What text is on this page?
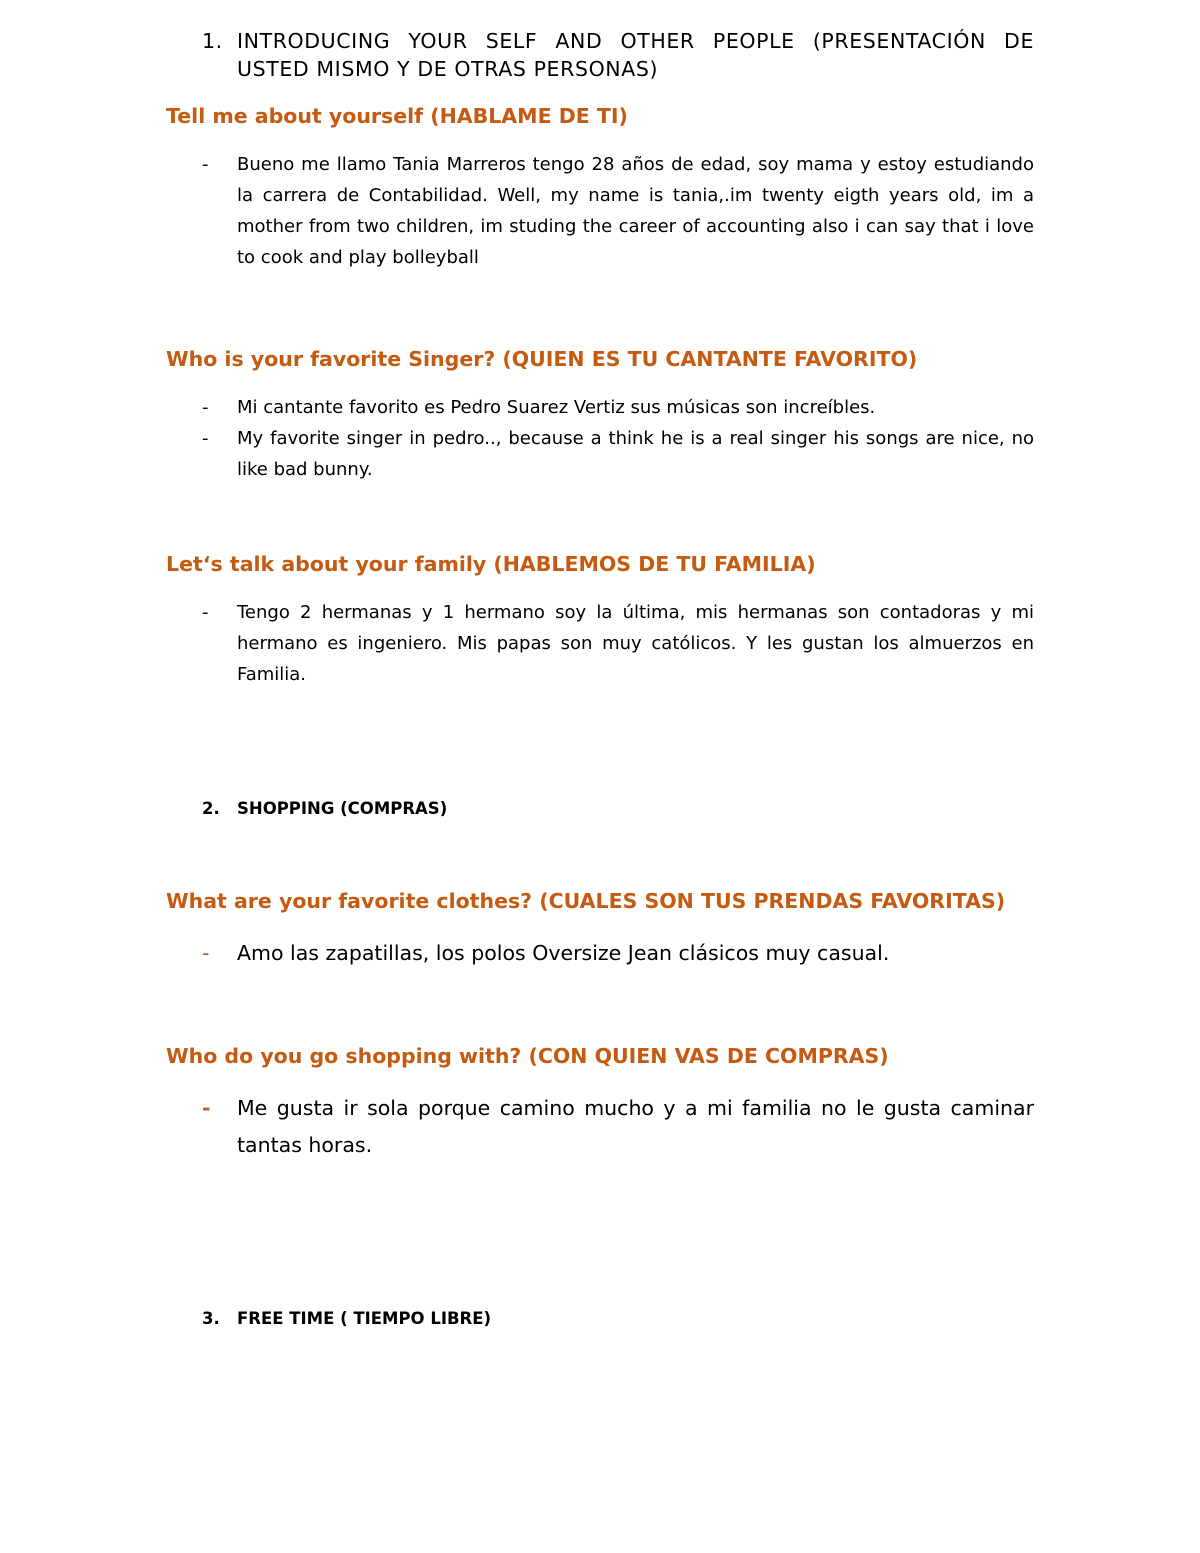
1. INTRODUCING YOUR SELF AND OTHER PEOPLE (PRESENTACIÓN DE USTED MISMO Y DE OTRAS PERSONAS)
Tell me about yourself (HABLAME DE TI)
-	Bueno me llamo Tania Marreros tengo 28 años de edad, soy mama y estoy estudiando la carrera de Contabilidad. Well, my name is tania,.im twenty eigth years old, im a mother from two children, im studing the career of accounting also i can say that i love to cook and play bolleyball
Who is your favorite Singer? (QUIEN ES TU CANTANTE FAVORITO)
-	Mi cantante favorito es Pedro Suarez Vertiz sus músicas son increíbles.
-	My favorite singer in pedro.., because a think he is a real singer his songs are nice, no like bad bunny.
Let‘s talk about your family (HABLEMOS DE TU FAMILIA)
-	Tengo 2 hermanas y 1 hermano soy la última, mis hermanas son contadoras y mi hermano es ingeniero. Mis papas son muy católicos. Y les gustan los almuerzos en Familia.
2.	SHOPPING (COMPRAS)
What are your favorite clothes? (CUALES SON TUS PRENDAS FAVORITAS)
-	Amo las zapatillas, los polos Oversize Jean clásicos muy casual.
Who do you go shopping with? (CON QUIEN VAS DE COMPRAS)
-	Me gusta ir sola porque camino mucho y a mi familia no le gusta caminar tantas horas.
3.	FREE TIME ( TIEMPO LIBRE)
